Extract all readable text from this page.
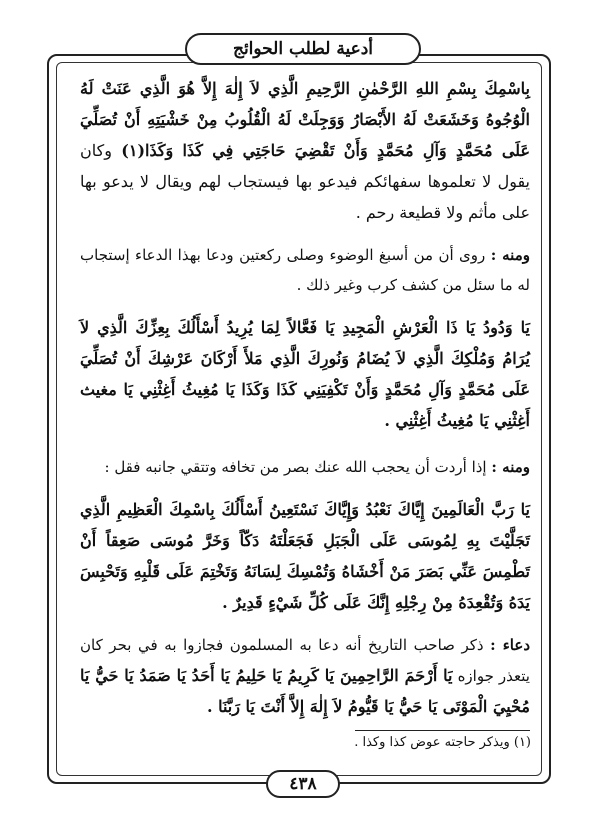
أدعية لطلب الحوائج

بِاسْمِكَ بِسْمِ اللهِ الرَّحْمٰنِ الرَّحِيمِ الَّذِي لاَ إِلٰهَ إِلاَّ هُوَ الَّذِي عَنَتْ لَهُ الْوُجُوهُ وَخَشَعَتْ لَهُ الأَبْصَارُ وَوَجِلَتْ لَهُ الْقُلُوبُ مِنْ خَشْيَتِهِ أَنْ تُصَلِّيَ عَلَى مُحَمَّدٍ وَآلِ مُحَمَّدٍ وَأَنْ تَقْضِيَ حَاجَتِي فِي كَذَا وَكَذَا(١) وكان يقول لا تعلموها سفهائكم فيدعو بها فيستجاب لهم ويقال لا يدعو بها على مأثم ولا قطيعة رحم .

ومنه : روى أن من أسبغ الوضوء وصلى ركعتين ودعا بهذا الدعاء إستجاب له ما سئل من كشف كرب وغير ذلك .

يَا وَدُودُ يَا ذَا الْعَرْشِ الْمَجِيدِ يَا فَعَّالاً لِمَا يُرِيدُ أَسْأَلُكَ بِعِزِّكَ الَّذِي لاَ يُرَامُ وَمُلْكِكَ الَّذِي لاَ يُضَامُ وَنُورِكَ الَّذِي مَلأَ أَرْكَانَ عَرْشِكَ أَنْ تُصَلِّيَ عَلَى مُحَمَّدٍ وَآلِ مُحَمَّدٍ وَأَنْ تَكْفِيَنِي كَذَا وَكَذَا يَا مُغِيثُ أَغِثْنِي يَا مغيث أَغِثْنِي يَا مُغِيثُ أَغِثْنِي .

ومنه : إذا أردت أن يحجب الله عنك بصر من تخافه وتتقي جانبه فقل :

يَا رَبَّ الْعَالَمِينَ إِيَّاكَ نَعْبُدُ وَإِيَّاكَ نَسْتَعِينُ أَسْأَلُكَ بِاسْمِكَ الْعَظِيمِ الَّذِي تَجَلَّيْتَ بِهِ لِمُوسَى عَلَى الْجَبَلِ فَجَعَلْتَهُ دَكّاً وَخَرَّ مُوسَى صَعِقاً أَنْ تَطْمِسَ عَنِّي بَصَرَ مَنْ أَخْشَاهُ وَتُمْسِكَ لِسَانَهُ وَتَخْتِمَ عَلَى قَلْبِهِ وَتَحْبِسَ يَدَهُ وَتُقْعِدَهُ مِنْ رِجْلِهِ إِنَّكَ عَلَى كُلِّ شَيْءٍ قَدِيرٌ .

دعاء : ذكر صاحب التاريخ أنه دعا به المسلمون فجازوا به في بحر كان يتعذر جوازه يَا أَرْحَمَ الرَّاحِمِينَ يَا كَرِيمُ يَا حَلِيمُ يَا أَحَدُ يَا صَمَدُ يَا حَيُّ يَا مُحْيِيَ الْمَوْتَى يَا حَيُّ يَا قَيُّومُ لاَ إِلٰهَ إِلاَّ أَنْتَ يَا رَبَّنَا .

(١) ويذكر حاجته عوض كذا وكذا .

٤٣٨
